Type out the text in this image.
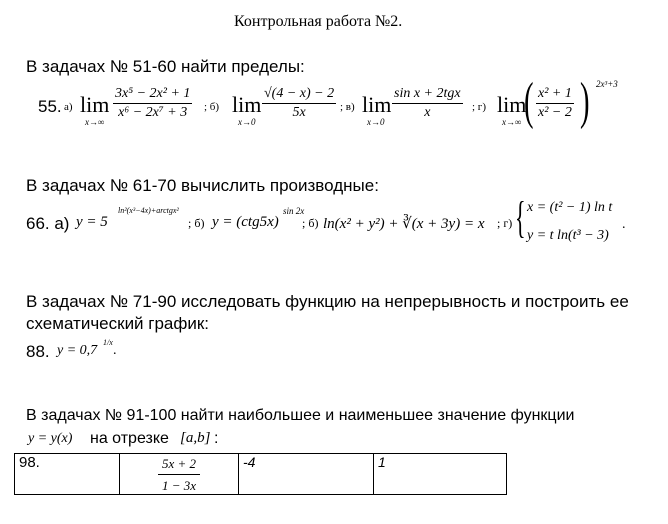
Контрольная работа №2.
В задачах № 51-60 найти пределы:
55. а) lim
x→∞
$\frac{\text{3x⁵ − 2x² + 1}}{\text{x⁶ − 2x⁷ + 3}}$ ; б) lim
x→0
$\frac{√(4 - x) - 2}{5x}$ ; в) lim
x→0
sin x + 2tgx
x	; г) lim
x→∞ ( $\frac{\text{x² + 1}}{\text{x² − 2}}$ ) 2x³+3
В задачах № 61-70 вычислить производные:
66. а) y = 5
ln²(x³−4x)+arctgx²
; б) y = (ctg5x)
sin 2x
; б) ln(x² + y²) + ∛(x + 3y) = x ; г) { x = (t² − 1) ln t
y = t ln(t³ − 3)
.
В задачах № 71-90 исследовать функцию на непрерывность и построить ее
схематический график:
88. y = 0,7
1/x
.
В задачах № 91-100 найти наибольшее и наименьшее значение функции
y = y(x) на отрезке [a,b] :
98.	5x + 2
1 − 3x
	-4	1
